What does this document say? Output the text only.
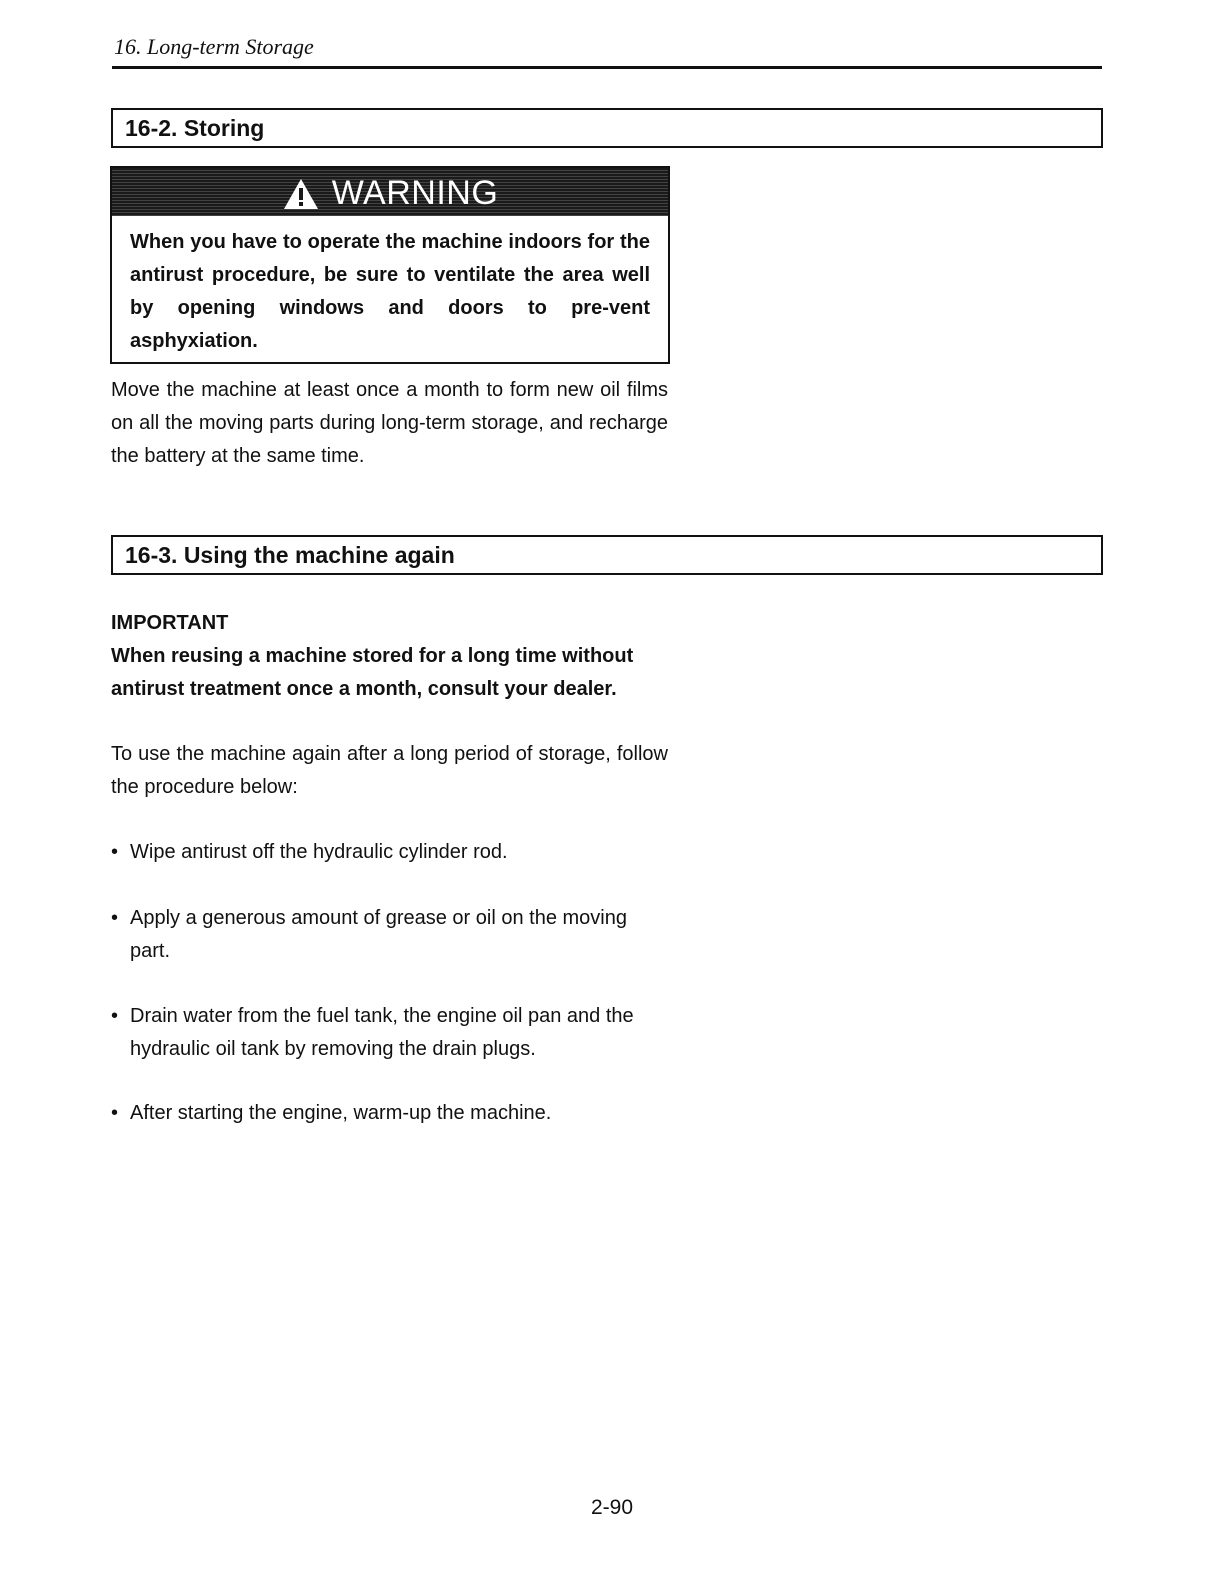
16. Long-term Storage
16-2. Storing
WARNING
When you have to operate the machine indoors for the antirust procedure, be sure to ventilate the area well by opening windows and doors to pre-vent asphyxiation.
Move the machine at least once a month to form new oil films on all the moving parts during long-term storage, and recharge the battery at the same time.
16-3. Using the machine again
IMPORTANT
When reusing a machine stored for a long time without antirust treatment once a month, consult your dealer.
To use the machine again after a long period of storage, follow the procedure below:
• Wipe antirust off the hydraulic cylinder rod.
• Apply a generous amount of grease or oil on the moving part.
• Drain water from the fuel tank, the engine oil pan and the hydraulic oil tank by removing the drain plugs.
• After starting the engine, warm-up the machine.
2-90
